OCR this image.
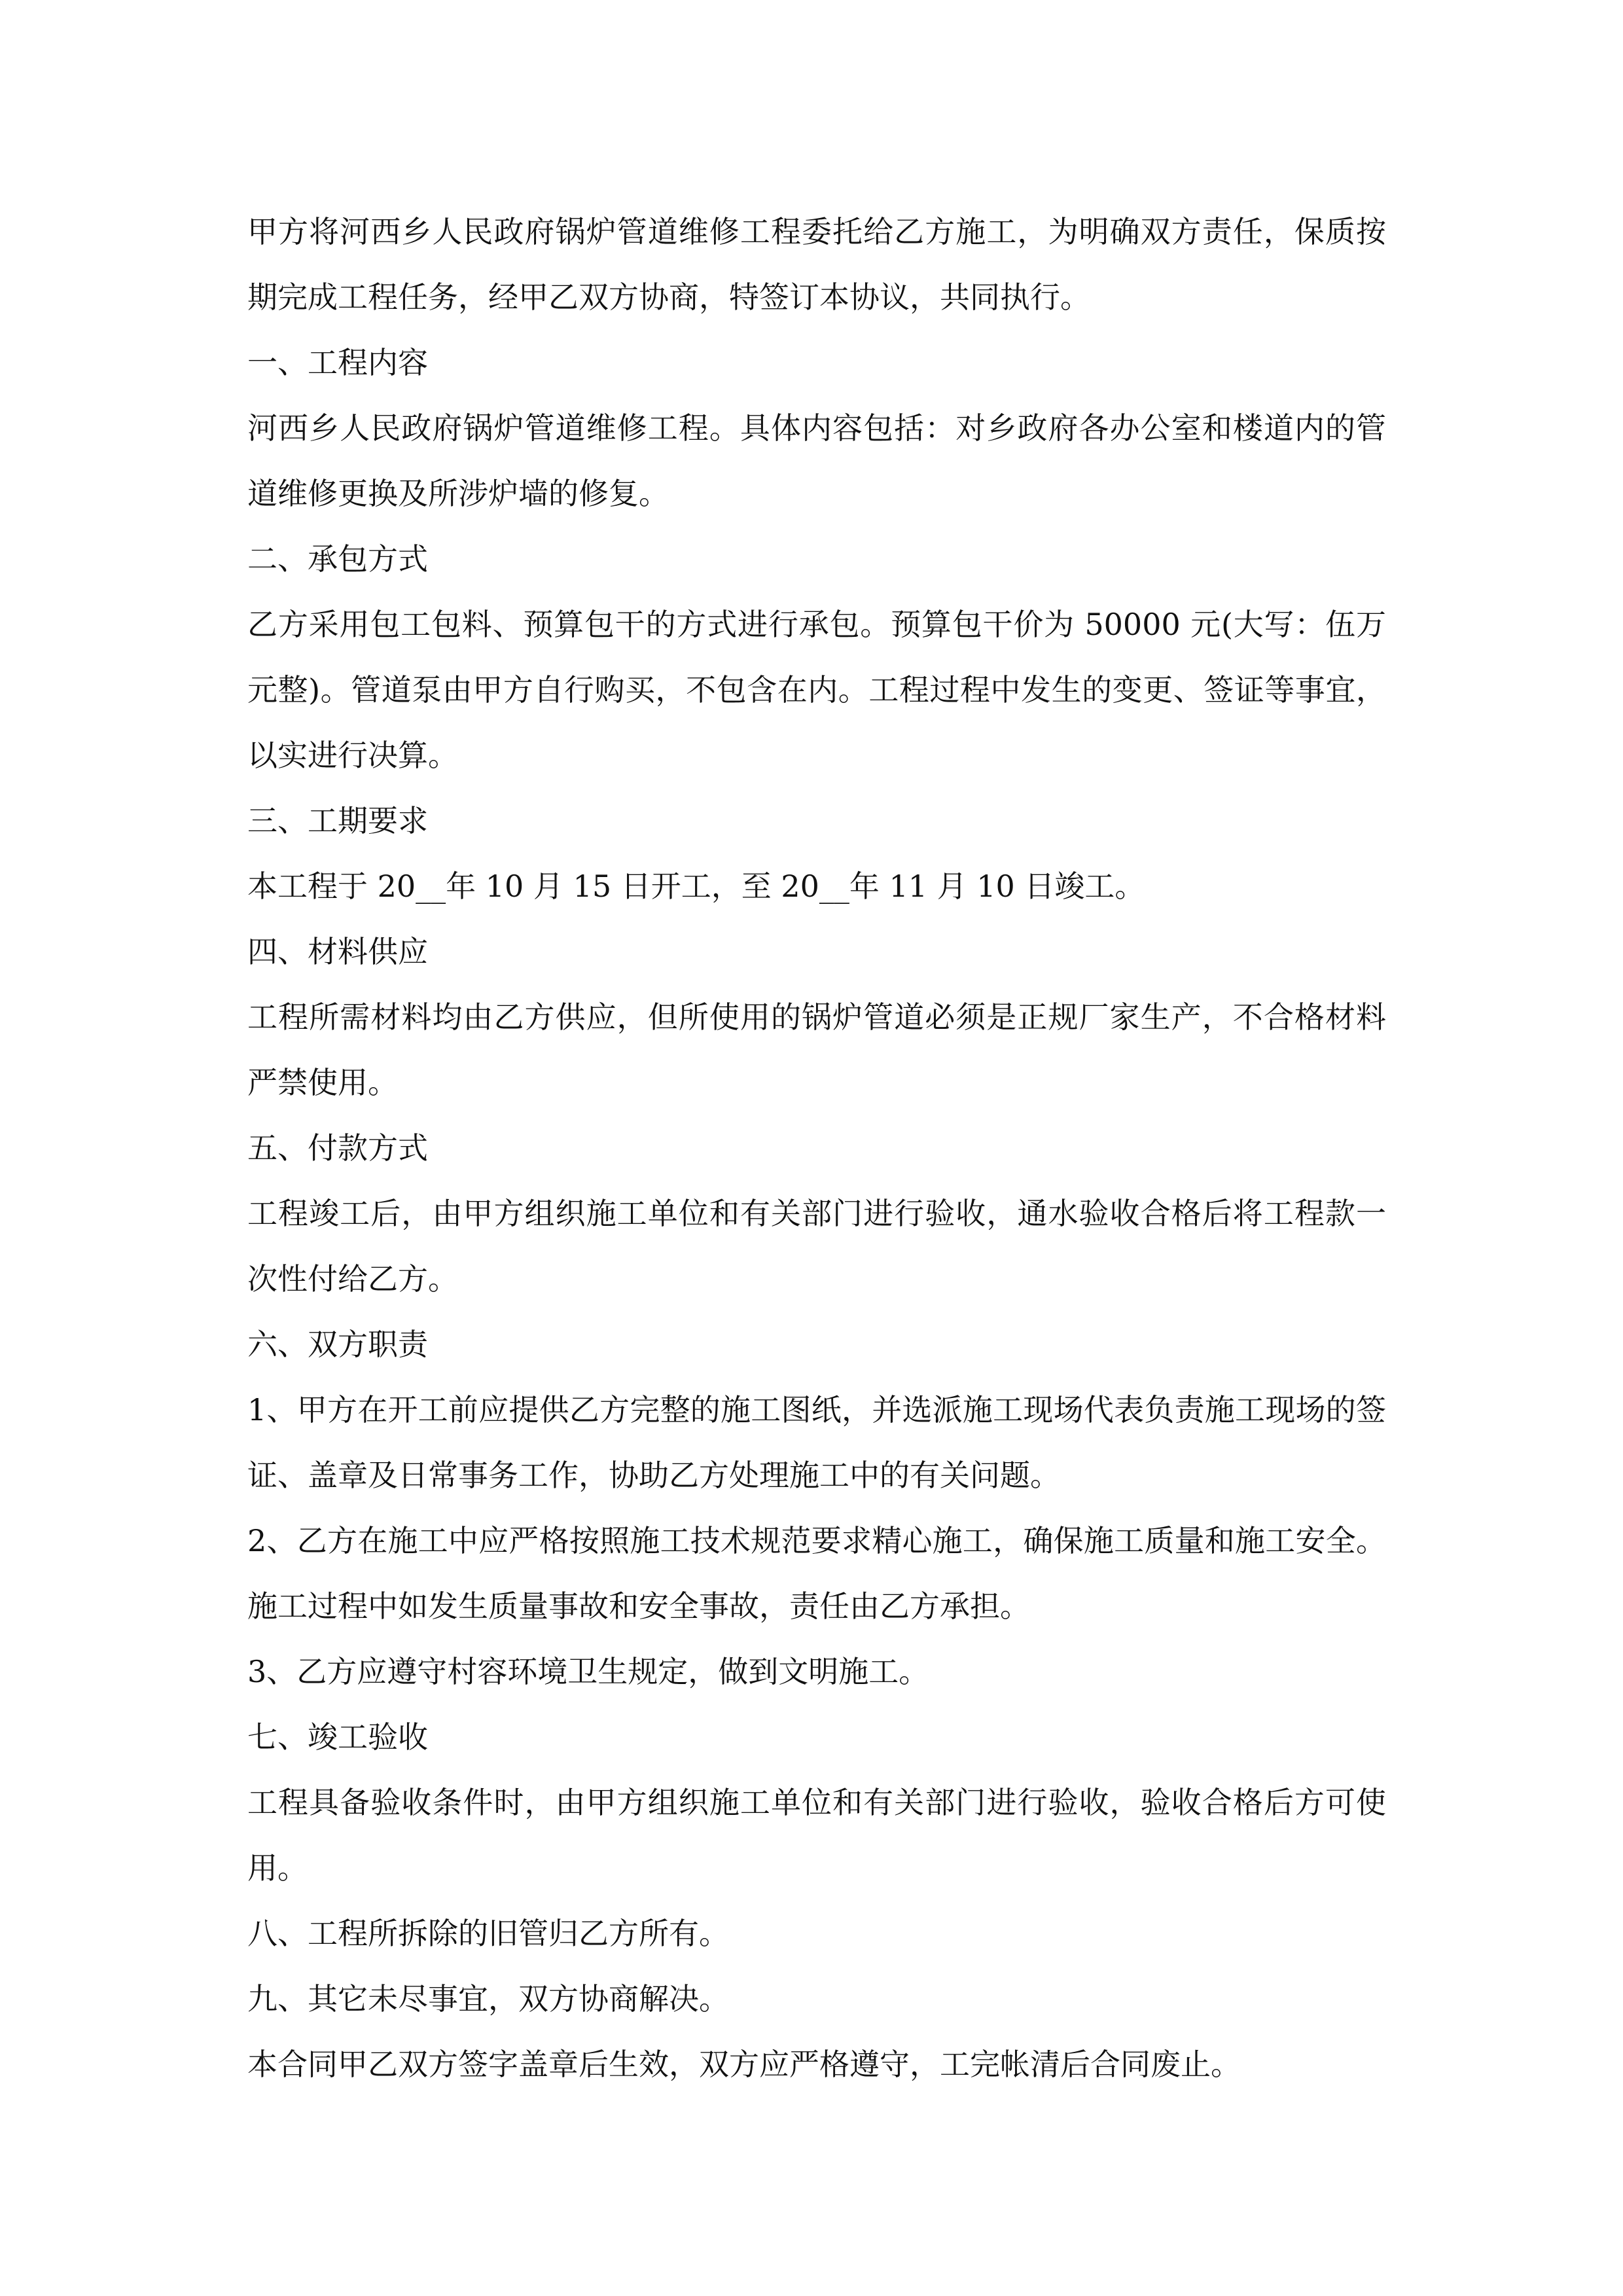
甲方将河西乡人民政府锅炉管道维修工程委托给乙方施工，为明确双方责任，保质按期完成工程任务，经甲乙双方协商，特签订本协议，共同执行。

一、工程内容

河西乡人民政府锅炉管道维修工程。具体内容包括：对乡政府各办公室和楼道内的管道维修更换及所涉炉墙的修复。

二、承包方式

乙方采用包工包料、预算包干的方式进行承包。预算包干价为 50000 元(大写：伍万元整)。管道泵由甲方自行购买，不包含在内。工程过程中发生的变更、签证等事宜，以实进行决算。

三、工期要求

本工程于 20__年 10 月 15 日开工，至 20__年 11 月 10 日竣工。

四、材料供应

工程所需材料均由乙方供应，但所使用的锅炉管道必须是正规厂家生产，不合格材料严禁使用。

五、付款方式

工程竣工后，由甲方组织施工单位和有关部门进行验收，通水验收合格后将工程款一次性付给乙方。

六、双方职责

1、甲方在开工前应提供乙方完整的施工图纸，并选派施工现场代表负责施工现场的签证、盖章及日常事务工作，协助乙方处理施工中的有关问题。

2、乙方在施工中应严格按照施工技术规范要求精心施工，确保施工质量和施工安全。施工过程中如发生质量事故和安全事故，责任由乙方承担。

3、乙方应遵守村容环境卫生规定，做到文明施工。

七、竣工验收

工程具备验收条件时，由甲方组织施工单位和有关部门进行验收，验收合格后方可使用。

八、工程所拆除的旧管归乙方所有。

九、其它未尽事宜，双方协商解决。

本合同甲乙双方签字盖章后生效，双方应严格遵守，工完帐清后合同废止。
